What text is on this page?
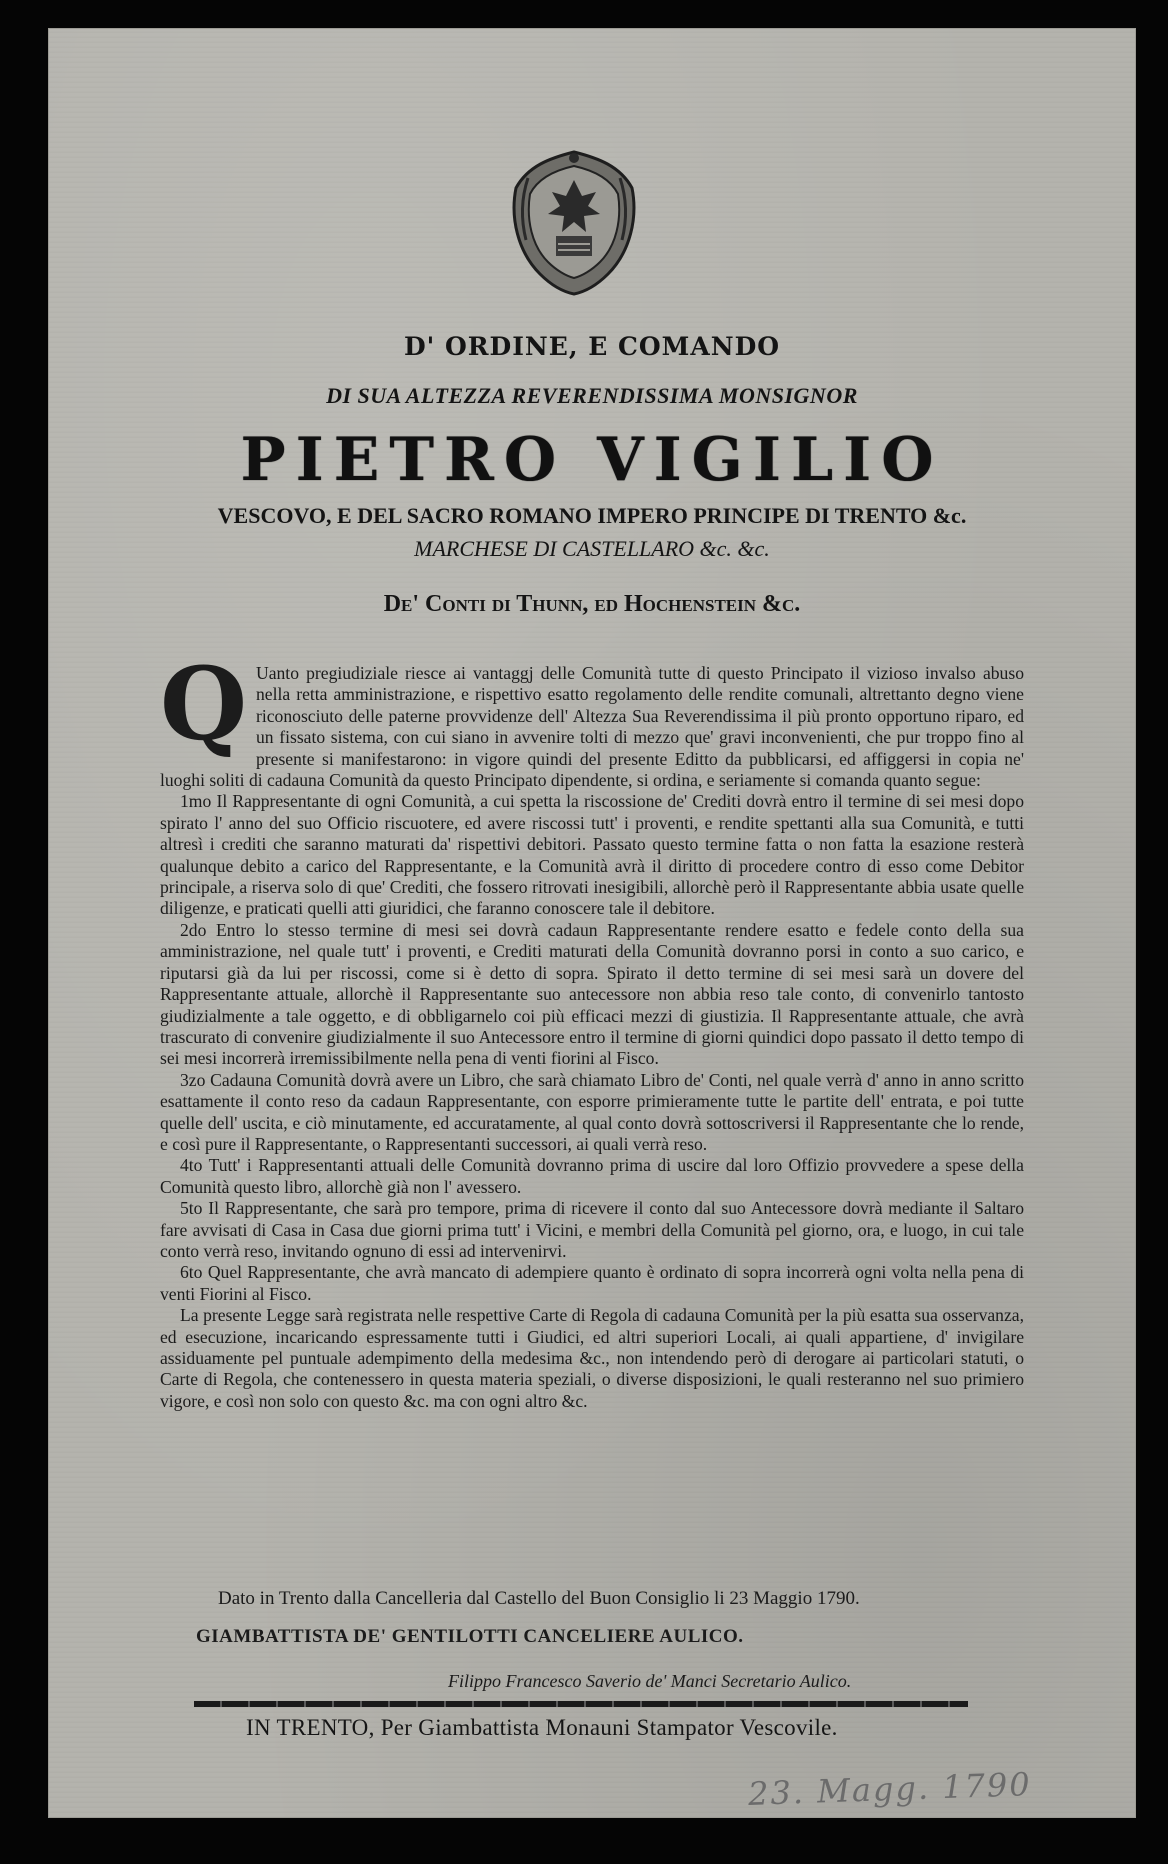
D' ORDINE, E COMANDO
DI SUA ALTEZZA REVERENDISSIMA MONSIGNOR
PIETRO VIGILIO
VESCOVO, E DEL SACRO ROMANO IMPERO PRINCIPE DI TRENTO &c.
MARCHESE DI CASTELLARO &c. &c.
De' Conti di Thunn, ed Hochenstein &c.
Q Uanto pregiudiziale riesce ai vantaggj delle Comunità tutte di questo Principato il vizioso invalso abuso nella retta amministrazione, e rispettivo esatto regolamento delle rendite comunali, altrettanto degno viene riconosciuto delle paterne provvidenze dell' Altezza Sua Reverendissima il più pronto opportuno riparo, ed un fissato sistema, con cui siano in avvenire tolti di mezzo que' gravi inconvenienti, che pur troppo fino al presente si manifestarono: in vigore quindi del presente Editto da pubblicarsi, ed affiggersi in copia ne' luoghi soliti di cadauna Comunità da questo Principato dipendente, si ordina, e seriamente si comanda quanto segue:

1mo Il Rappresentante di ogni Comunità, a cui spetta la riscossione de' Crediti dovrà entro il termine di sei mesi dopo spirato l' anno del suo Officio riscuotere, ed avere riscossi tutt' i proventi, e rendite spettanti alla sua Comunità, e tutti altresì i crediti che saranno maturati da' rispettivi debitori. Passato questo termine fatta o non fatta la esazione resterà qualunque debito a carico del Rappresentante, e la Comunità avrà il diritto di procedere contro di esso come Debitor principale, a riserva solo di que' Crediti, che fossero ritrovati inesigibili, allorchè però il Rappresentante abbia usate quelle diligenze, e praticati quelli atti giuridici, che faranno conoscere tale il debitore.

2do Entro lo stesso termine di mesi sei dovrà cadaun Rappresentante rendere esatto e fedele conto della sua amministrazione, nel quale tutt' i proventi, e Crediti maturati della Comunità dovranno porsi in conto a suo carico, e riputarsi già da lui per riscossi, come si è detto di sopra. Spirato il detto termine di sei mesi sarà un dovere del Rappresentante attuale, allorchè il Rappresentante suo antecessore non abbia reso tale conto, di convenirlo tantosto giudizialmente a tale oggetto, e di obbligarnelo coi più efficaci mezzi di giustizia. Il Rappresentante attuale, che avrà trascurato di convenire giudizialmente il suo Antecessore entro il termine di giorni quindici dopo passato il detto tempo di sei mesi incorrerà irremissibilmente nella pena di venti fiorini al Fisco.

3zo Cadauna Comunità dovrà avere un Libro, che sarà chiamato Libro de' Conti, nel quale verrà d' anno in anno scritto esattamente il conto reso da cadaun Rappresentante, con esporre primieramente tutte le partite dell' entrata, e poi tutte quelle dell' uscita, e ciò minutamente, ed accuratamente, al qual conto dovrà sottoscriversi il Rappresentante che lo rende, e così pure il Rappresentante, o Rappresentanti successori, ai quali verrà reso.

4to Tutt' i Rappresentanti attuali delle Comunità dovranno prima di uscire dal loro Offizio provvedere a spese della Comunità questo libro, allorchè già non l' avessero.

5to Il Rappresentante, che sarà pro tempore, prima di ricevere il conto dal suo Antecessore dovrà mediante il Saltaro fare avvisati di Casa in Casa due giorni prima tutt' i Vicini, e membri della Comunità pel giorno, ora, e luogo, in cui tale conto verrà reso, invitando ognuno di essi ad intervenirvi.

6to Quel Rappresentante, che avrà mancato di adempiere quanto è ordinato di sopra incorrerà ogni volta nella pena di venti Fiorini al Fisco.

La presente Legge sarà registrata nelle respettive Carte di Regola di cadauna Comunità per la più esatta sua osservanza, ed esecuzione, incaricando espressamente tutti i Giudici, ed altri superiori Locali, ai quali appartiene, d' invigilare assiduamente pel puntuale adempimento della medesima &c., non intendendo però di derogare ai particolari statuti, o Carte di Regola, che contenessero in questa materia speziali, o diverse disposizioni, le quali resteranno nel suo primiero vigore, e così non solo con questo &c. ma con ogni altro &c.

Dato in Trento dalla Cancelleria dal Castello del Buon Consiglio li 23 Maggio 1790.
GIAMBATTISTA DE' GENTILOTTI CANCELIERE AULICO.
Filippo Francesco Saverio de' Manci Secretario Aulico.
IN TRENTO, Per Giambattista Monauni Stampator Vescovile.
23. Magg. 1790
